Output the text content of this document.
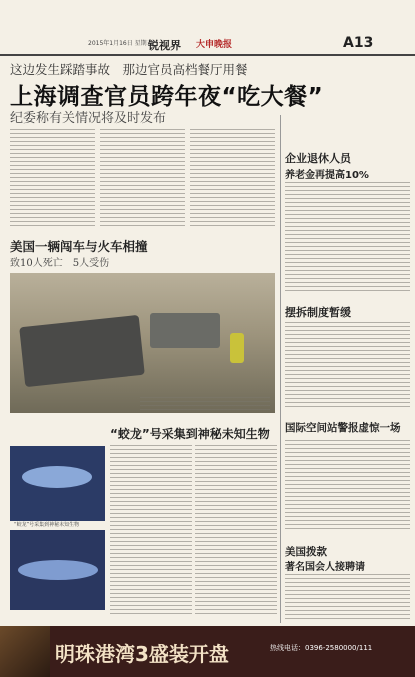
2015年1月16日 星期五
锐视界 大申晚报	A13
这边发生踩踏事故　那边官员高档餐厅用餐
上海调查官员跨年夜“吃大餐”
纪委称有关情况将及时发布
美国一辆闯车与火车相撞
致10人死亡　5人受伤
“蛟龙”号采集到神秘未知生物
“蛟龙”号采集到神秘未知生物
企业退休人员
养老金再提高10%
摆拆制度暂缓
国际空间站警报虚惊一场
美国拨款
著名国会人接聘请
明珠港湾3盛装开盘	热线电话：0396-2580000/111
